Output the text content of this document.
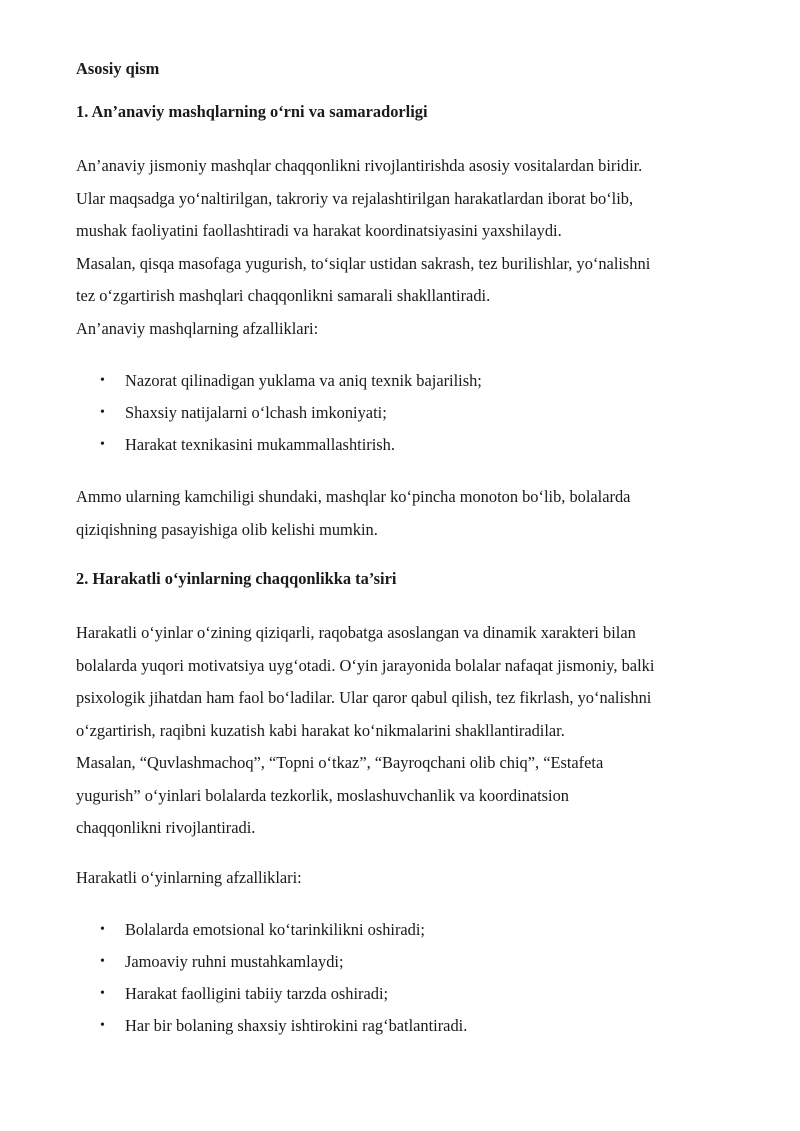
Asosiy qism

1. An’anaviy mashqlarning o‘rni va samaradorligi

An’anaviy jismoniy mashqlar chaqqonlikni rivojlantirishda asosiy vositalardan biridir.
Ular maqsadga yo‘naltirilgan, takroriy va rejalashtirilgan harakatlardan iborat bo‘lib,
mushak faoliyatini faollashtiradi va harakat koordinatsiyasini yaxshilaydi.
Masalan, qisqa masofaga yugurish, to‘siqlar ustidan sakrash, tez burilishlar, yo‘nalishni
tez o‘zgartirish mashqlari chaqqonlikni samarali shakllantiradi.
An’anaviy mashqlarning afzalliklari:
• Nazorat qilinadigan yuklama va aniq texnik bajarilish;
• Shaxsiy natijalarni o‘lchash imkoniyati;
• Harakat texnikasini mukammallashtirish.
Ammo ularning kamchiligi shundaki, mashqlar ko‘pincha monoton bo‘lib, bolalarda
qiziqishning pasayishiga olib kelishi mumkin.

2. Harakatli o‘yinlarning chaqqonlikka ta’siri

Harakatli o‘yinlar o‘zining qiziqarli, raqobatga asoslangan va dinamik xarakteri bilan
bolalarda yuqori motivatsiya uyg‘otadi. O‘yin jarayonida bolalar nafaqat jismoniy, balki
psixologik jihatdan ham faol bo‘ladilar. Ular qaror qabul qilish, tez fikrlash, yo‘nalishni
o‘zgartirish, raqibni kuzatish kabi harakat ko‘nikmalarini shakllantiradilar.
Masalan, “Quvlashmachoq”, “Topni o‘tkaz”, “Bayroqchani olib chiq”, “Estafeta
yugurish” o‘yinlari bolalarda tezkorlik, moslashuvchanlik va koordinatsion
chaqqonlikni rivojlantiradi.
Harakatli o‘yinlarning afzalliklari:
• Bolalarda emotsional ko‘tarinkilikni oshiradi;
• Jamoaviy ruhni mustahkamlaydi;
• Harakat faolligini tabiiy tarzda oshiradi;
• Har bir bolaning shaxsiy ishtirokini rag‘batlantiradi.
